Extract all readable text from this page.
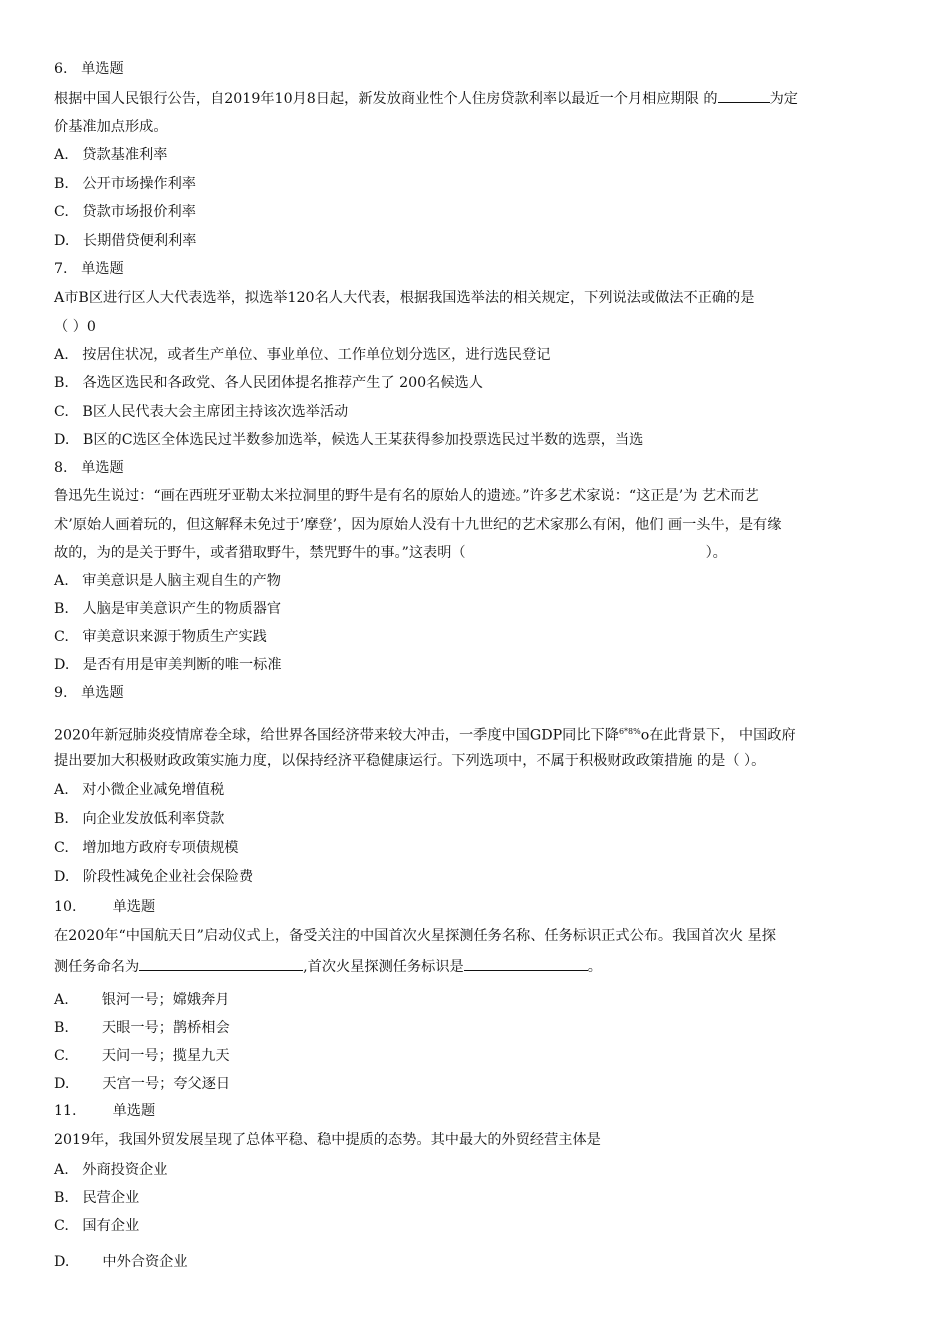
6. 单选题
根据中国人民银行公告，自2019年10月8日起，新发放商业性个人住房贷款利率以最近一个月相应期限 的	为定
价基准加点形成。
A. 贷款基准利率
B. 公开市场操作利率
C. 贷款市场报价利率
D. 长期借贷便利利率
7. 单选题
A市B区进行区人大代表选举，拟选举120名人大代表，根据我国选举法的相关规定，下列说法或做法不正确的是
（ ）0
A. 按居住状况，或者生产单位、事业单位、工作单位划分选区，进行选民登记
B. 各选区选民和各政党、各人民团体提名推荐产生了 200名候选人
C. B区人民代表大会主席团主持该次选举活动
D. B区的C选区全体选民过半数参加选举，候选人王某获得参加投票选民过半数的选票，当选
8. 单选题
鲁迅先生说过：“画在西班牙亚勒太米拉洞里的野牛是有名的原始人的遗迹。”许多艺术家说：“这正是’为 艺术而艺
术’原始人画着玩的，但这解释未免过于’摩登’，因为原始人没有十九世纪的艺术家那么有闲，他们 画一头牛，是有缘
故的，为的是关于野牛，或者猎取野牛，禁咒野牛的事。”这表明（	）。
A. 审美意识是人脑主观自生的产物
B. 人脑是审美意识产生的物质器官
C. 审美意识来源于物质生产实践
D. 是否有用是审美判断的唯一标准
9. 单选题
2020年新冠肺炎疫情席卷全球，给世界各国经济带来较大冲击，一季度中国GDP同比下降$^{6*8\%}$o在此背景下， 中国政府
提出要加大积极财政政策实施力度，以保持经济平稳健康运行。下列选项中，不属于积极财政政策措施 的是（ ）。
A. 对小微企业减免增值税
B. 向企业发放低利率贷款
C. 增加地方政府专项债规模
D. 阶段性减免企业社会保险费
10.	单选题
在2020年“中国航天日”启动仪式上，备受关注的中国首次火星探测任务名称、任务标识正式公布。我国首次火 星探
测任务命名为	,首次火星探测任务标识是	。
A. 银河一号；嫦娥奔月
B. 天眼一号；鹊桥相会
C. 天问一号；揽星九天
D. 天宫一号；夸父逐日
11.	单选题
2019年，我国外贸发展呈现了总体平稳、稳中提质的态势。其中最大的外贸经营主体是
A. 外商投资企业
B. 民营企业
C. 国有企业
D. 中外合资企业
